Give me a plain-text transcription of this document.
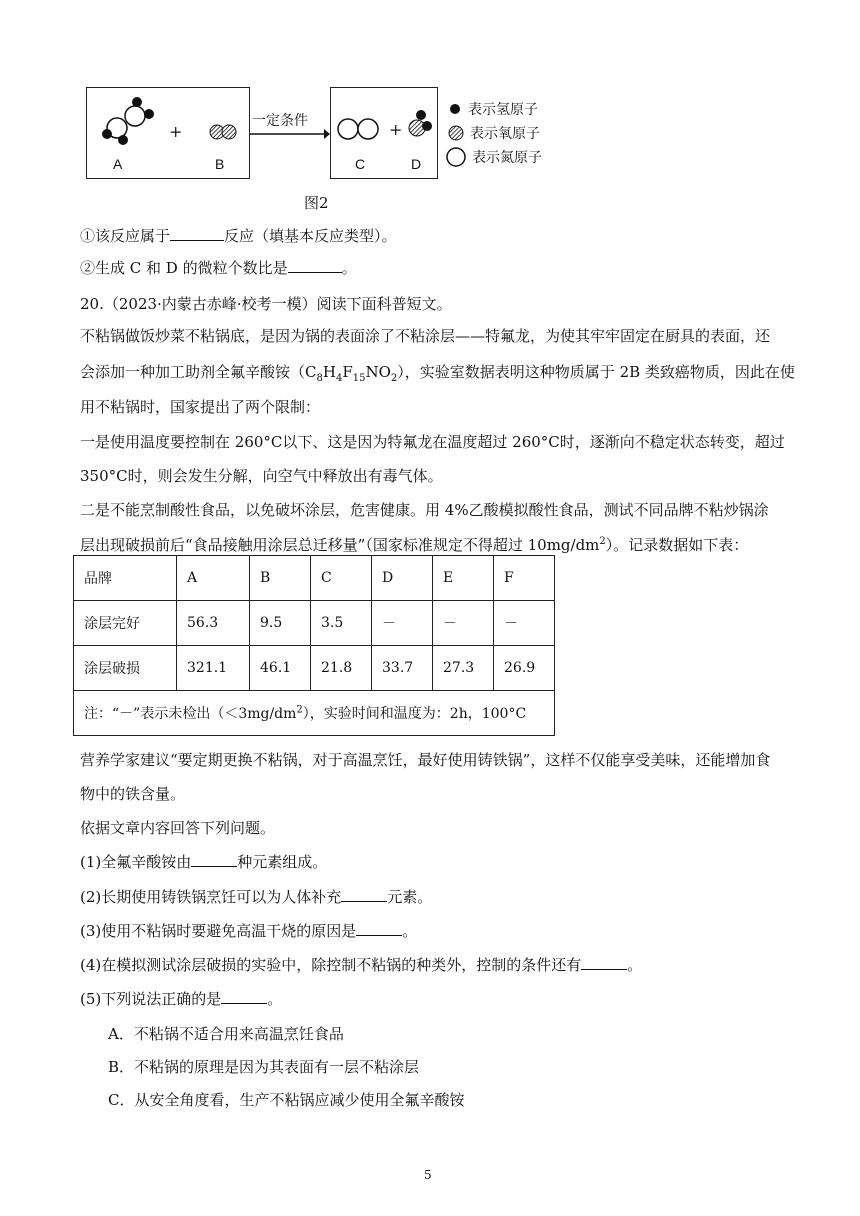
A
+
B
一定条件
C
+
D
表示氢原子
表示氧原子
表示氮原子
图2
①该反应属于	反应（填基本反应类型）。
②生成 C 和 D 的微粒个数比是	。
20.（2023·内蒙古赤峰·校考一模）阅读下面科普短文。
不粘锅做饭炒菜不粘锅底，是因为锅的表面涂了不粘涂层——特氟龙，为使其牢牢固定在厨具的表面，还
会添加一种加工助剂全氟辛酸铵$(C_8H_4F_{15}NO_2)$，实验室数据表明这种物质属于 2B 类致癌物质，因此在使
用不粘锅时，国家提出了两个限制：
一是使用温度要控制在 260°C以下、这是因为特氟龙在温度超过 260°C时，逐渐向不稳定状态转变，超过
350°C时，则会发生分解，向空气中释放出有毒气体。
二是不能烹制酸性食品，以免破坏涂层，危害健康。用 4%乙酸模拟酸性食品，测试不同品牌不粘炒锅涂
层出现破损前后“食品接触用涂层总迁移量”（国家标准规定不得超过 $10mg/dm^2$）。记录数据如下表：
品牌	A	B	C	D	E	F
涂层完好	56.3	9.5	3.5	－	－	－
涂层破损	321.1	46.1	21.8	33.7	27.3	26.9
注：“－”表示未检出$(<3mg/dm^2)$，实验时间和温度为：2h，100°C						
营养学家建议“要定期更换不粘锅，对于高温烹饪，最好使用铸铁锅”，这样不仅能享受美味，还能增加食
物中的铁含量。
依据文章内容回答下列问题。
(1)全氟辛酸铵由	种元素组成。
(2)长期使用铸铁锅烹饪可以为人体补充	元素。
(3)使用不粘锅时要避免高温干烧的原因是	。
(4)在模拟测试涂层破损的实验中，除控制不粘锅的种类外，控制的条件还有	。
(5)下列说法正确的是	。
A．不粘锅不适合用来高温烹饪食品
B．不粘锅的原理是因为其表面有一层不粘涂层
C．从安全角度看，生产不粘锅应减少使用全氟辛酸铵
5
